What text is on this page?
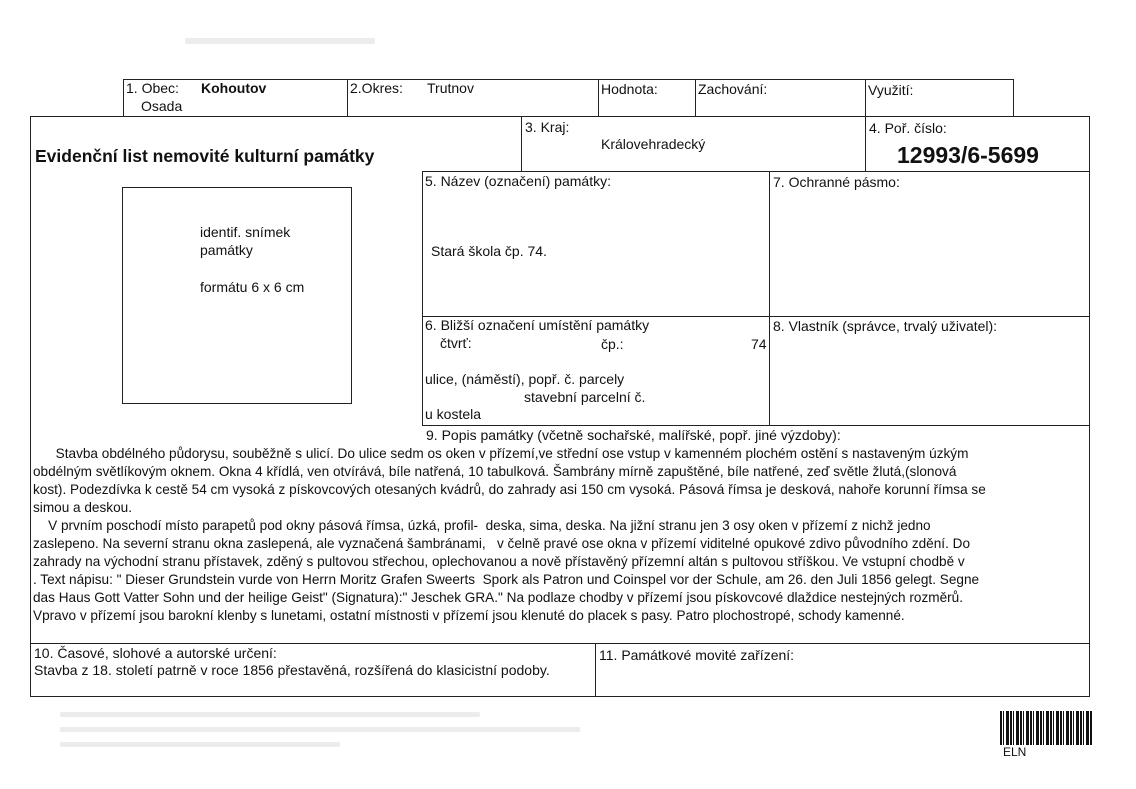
1. Obec: Kohoutov
Osada
2.Okres: Trutnov	Hodnota:	Zachování:	Využití:
Evidenční list nemovité kulturní památky
3. Kraj:
Královehradecký
4. Poř. číslo:
12993/6-5699
identif. snímek
památky
formátu 6 x 6 cm
5. Název (označení) památky:
Stará škola čp. 74.
7. Ochranné pásmo:
6. Bližší označení umístění památky
čtvrť:	čp.:	74
ulice, (náměstí), popř. č. parcely
stavební parcelní č.
u kostela
8. Vlastník (správce, trvalý uživatel):
9. Popis památky (včetně sochařské, malířské, popř. jiné výzdoby):

Stavba obdélného půdorysu, souběžně s ulicí. Do ulice sedm os oken v přízemí,ve střední ose vstup v kamenném plochém ostění s nastaveným úzkým

obdélným světlíkovým oknem. Okna 4 křídlá, ven otvírává, bíle natřená, 10 tabulková. Šambrány mírně zapuštěné, bíle natřené, zeď světle žlutá,(slonová

kost). Podezdívka k cestě 54 cm vysoká z pískovcových otesaných kvádrů, do zahrady asi 150 cm vysoká. Pásová římsa je desková, nahoře korunní římsa se

simou a deskou.

V prvním poschodí místo parapetů pod okny pásová římsa, úzká, profil-  deska, sima, deska. Na jižní stranu jen 3 osy oken v přízemí z nichž jedno

zaslepeno. Na severní stranu okna zaslepená, ale vyznačená šambránami,   v čelně pravé ose okna v přízemí viditelné opukové zdivo původního zdění. Do

zahrady na východní stranu přístavek, zděný s pultovou střechou, oplechovanou a nově přístavěný přízemní altán s pultovou stříškou. Ve vstupní chodbě v

. Text nápisu: " Dieser Grundstein vurde von Herrn Moritz Grafen Sweerts  Spork als Patron und Coinspel vor der Schule, am 26. den Juli 1856 gelegt. Segne

das Haus Gott Vatter Sohn und der heilige Geist" (Signatura):" Jeschek GRA." Na podlaze chodby v přízemí jsou pískovcové dlaždice nestejných rozměrů.

Vpravo v přízemí jsou barokní klenby s lunetami, ostatní místnosti v přízemí jsou klenuté do placek s pasy. Patro plochostropé, schody kamenné.

10. Časové, slohové a autorské určení:
Stavba z 18. století patrně v roce 1856 přestavěná, rozšířená do klasicistní podoby.
11. Památkové movité zařízení:
ELN
